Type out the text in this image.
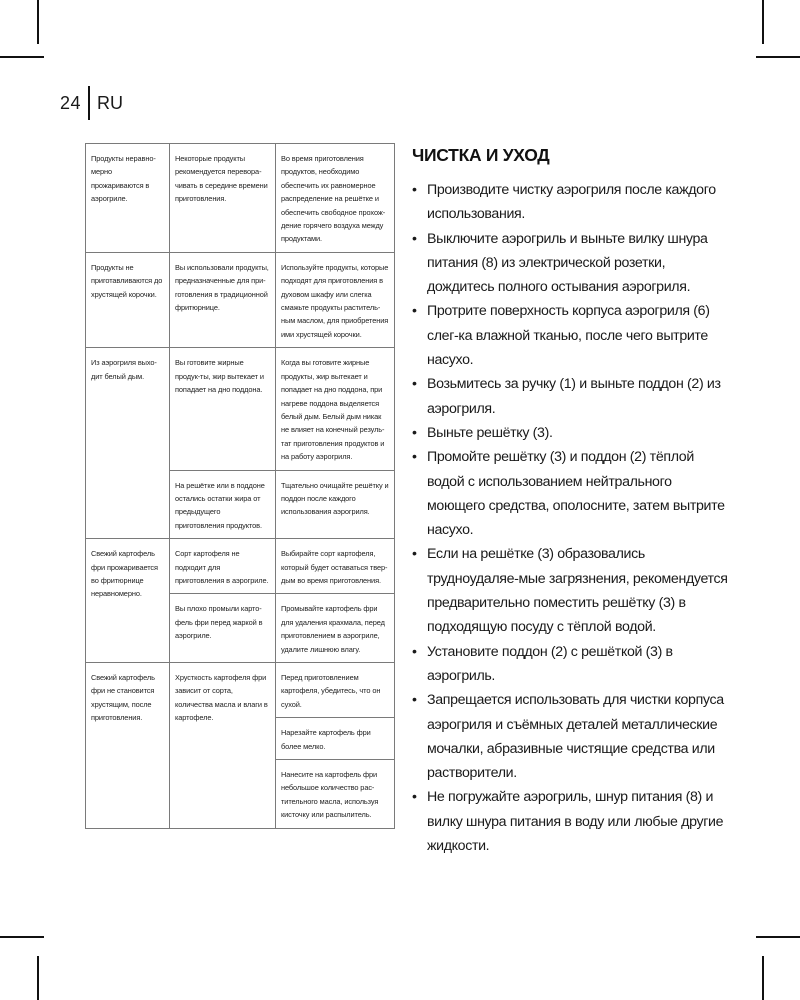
24 RU
Продукты неравно-мерно прожариваются в аэрогриле.	Некоторые продукты рекомендуется перевора-чивать в середине времени приготовления.	Во время приготовления продуктов, необходимо обеспечить их равномерное распределение на решётке и обеспечить свободное прохож-дение горячего воздуха между продуктами.
Продукты не приготавливаются до хрустящей корочки.	Вы использовали продукты, предназначенные для при-готовления в традиционной фритюрнице.	Используйте продукты, которые подходят для приготовления в духовом шкафу или слегка смажьте продукты раститель-ным маслом, для приобретения ими хрустящей корочки.
Из аэрогриля выхо-дит белый дым.	Вы готовите жирные продук-ты, жир вытекает и попадает на дно поддона.	Когда вы готовите жирные продукты, жир вытекает и попадает на дно поддона, при нагреве поддона выделяется белый дым. Белый дым никак не влияет на конечный резуль-тат приготовления продуктов и на работу аэрогриля.
	На решётке или в поддоне остались остатки жира от предыдущего приготовления продуктов.	Тщательно очищайте решётку и поддон после каждого использования аэрогриля.
Свежий картофель фри прожаривается во фритюрнице неравномерно.	Сорт картофеля не подходит для приготовления в аэрогриле.	Выбирайте сорт картофеля, который будет оставаться твер-дым во время приготовления.
	Вы плохо промыли карто-фель фри перед жаркой в аэрогриле.	Промывайте картофель фри для удаления крахмала, перед приготовлением в аэрогриле, удалите лишнюю влагу.
Свежий картофель фри не становится хрустящим, после приготовления.	Хрусткость картофеля фри зависит от сорта, количества масла и влаги в картофеле.	Перед приготовлением картофеля, убедитесь, что он сухой.
		Нарезайте картофель фри более мелко.
		Нанесите на картофель фри небольшое количество рас-тительного масла, используя кисточку или распылитель.
ЧИСТКА И УХОД
• Производите чистку аэрогриля после каждого использования.
• Выключите аэрогриль и выньте вилку шнура питания (8) из электрической розетки, дождитесь полного остывания аэрогриля.
• Протрите поверхность корпуса аэрогриля (6) слег-ка влажной тканью, после чего вытрите насухо.
• Возьмитесь за ручку (1) и выньте поддон (2) из аэрогриля.
• Выньте решётку (3).
• Промойте решётку (3) и поддон (2) тёплой водой с использованием нейтрального моющего средства, ополосните, затем вытрите насухо.
• Если на решётке (3) образовались трудноудаляе-мые загрязнения, рекомендуется предварительно поместить решётку (3) в подходящую посуду с тёплой водой.
• Установите поддон (2) с решёткой (3) в аэрогриль.
• Запрещается использовать для чистки корпуса аэрогриля и съёмных деталей металлические мочалки, абразивные чистящие средства или растворители.
• Не погружайте аэрогриль, шнур питания (8) и вилку шнура питания в воду или любые другие жидкости.
